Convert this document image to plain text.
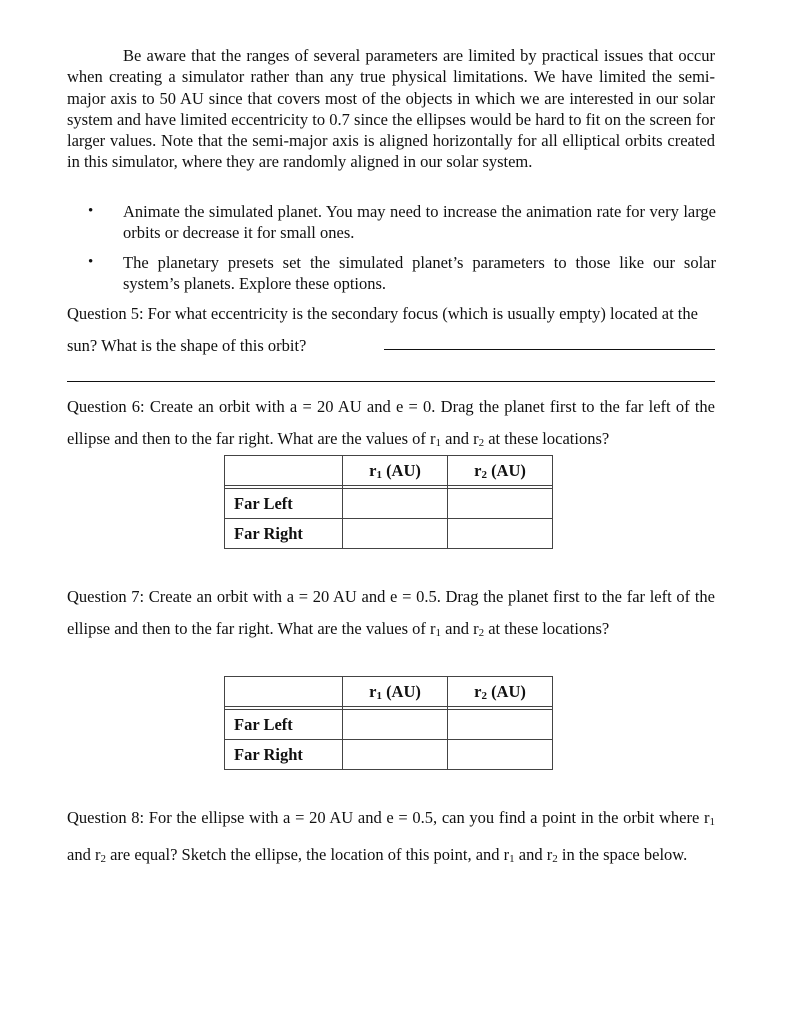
Be aware that the ranges of several parameters are limited by practical issues that occur when creating a simulator rather than any true physical limitations. We have limited the semi-major axis to 50 AU since that covers most of the objects in which we are interested in our solar system and have limited eccentricity to 0.7 since the ellipses would be hard to fit on the screen for larger values. Note that the semi-major axis is aligned horizontally for all elliptical orbits created in this simulator, where they are randomly aligned in our solar system.

• Animate the simulated planet. You may need to increase the animation rate for very large orbits or decrease it for small ones.
• The planetary presets set the simulated planet’s parameters to those like our solar system’s planets. Explore these options.

Question 5: For what eccentricity is the secondary focus (which is usually empty) located at the sun? What is the shape of this orbit?

Question 6: Create an orbit with a = 20 AU and e = 0. Drag the planet first to the far left of the ellipse and then to the far right. What are the values of $r_1$ and $r_2$ at these locations?

	$r_1$ (AU)	$r_2$ (AU)

Far Left		
Far Right		

Question 7: Create an orbit with a = 20 AU and e = 0.5. Drag the planet first to the far left of the ellipse and then to the far right. What are the values of $r_1$ and $r_2$ at these locations?

	$r_1$ (AU)	$r_2$ (AU)

Far Left		
Far Right		

Question 8: For the ellipse with a = 20 AU and e = 0.5, can you find a point in the orbit where $r_1$ and $r_2$ are equal? Sketch the ellipse, the location of this point, and $r_1$ and $r_2$ in the space below.
